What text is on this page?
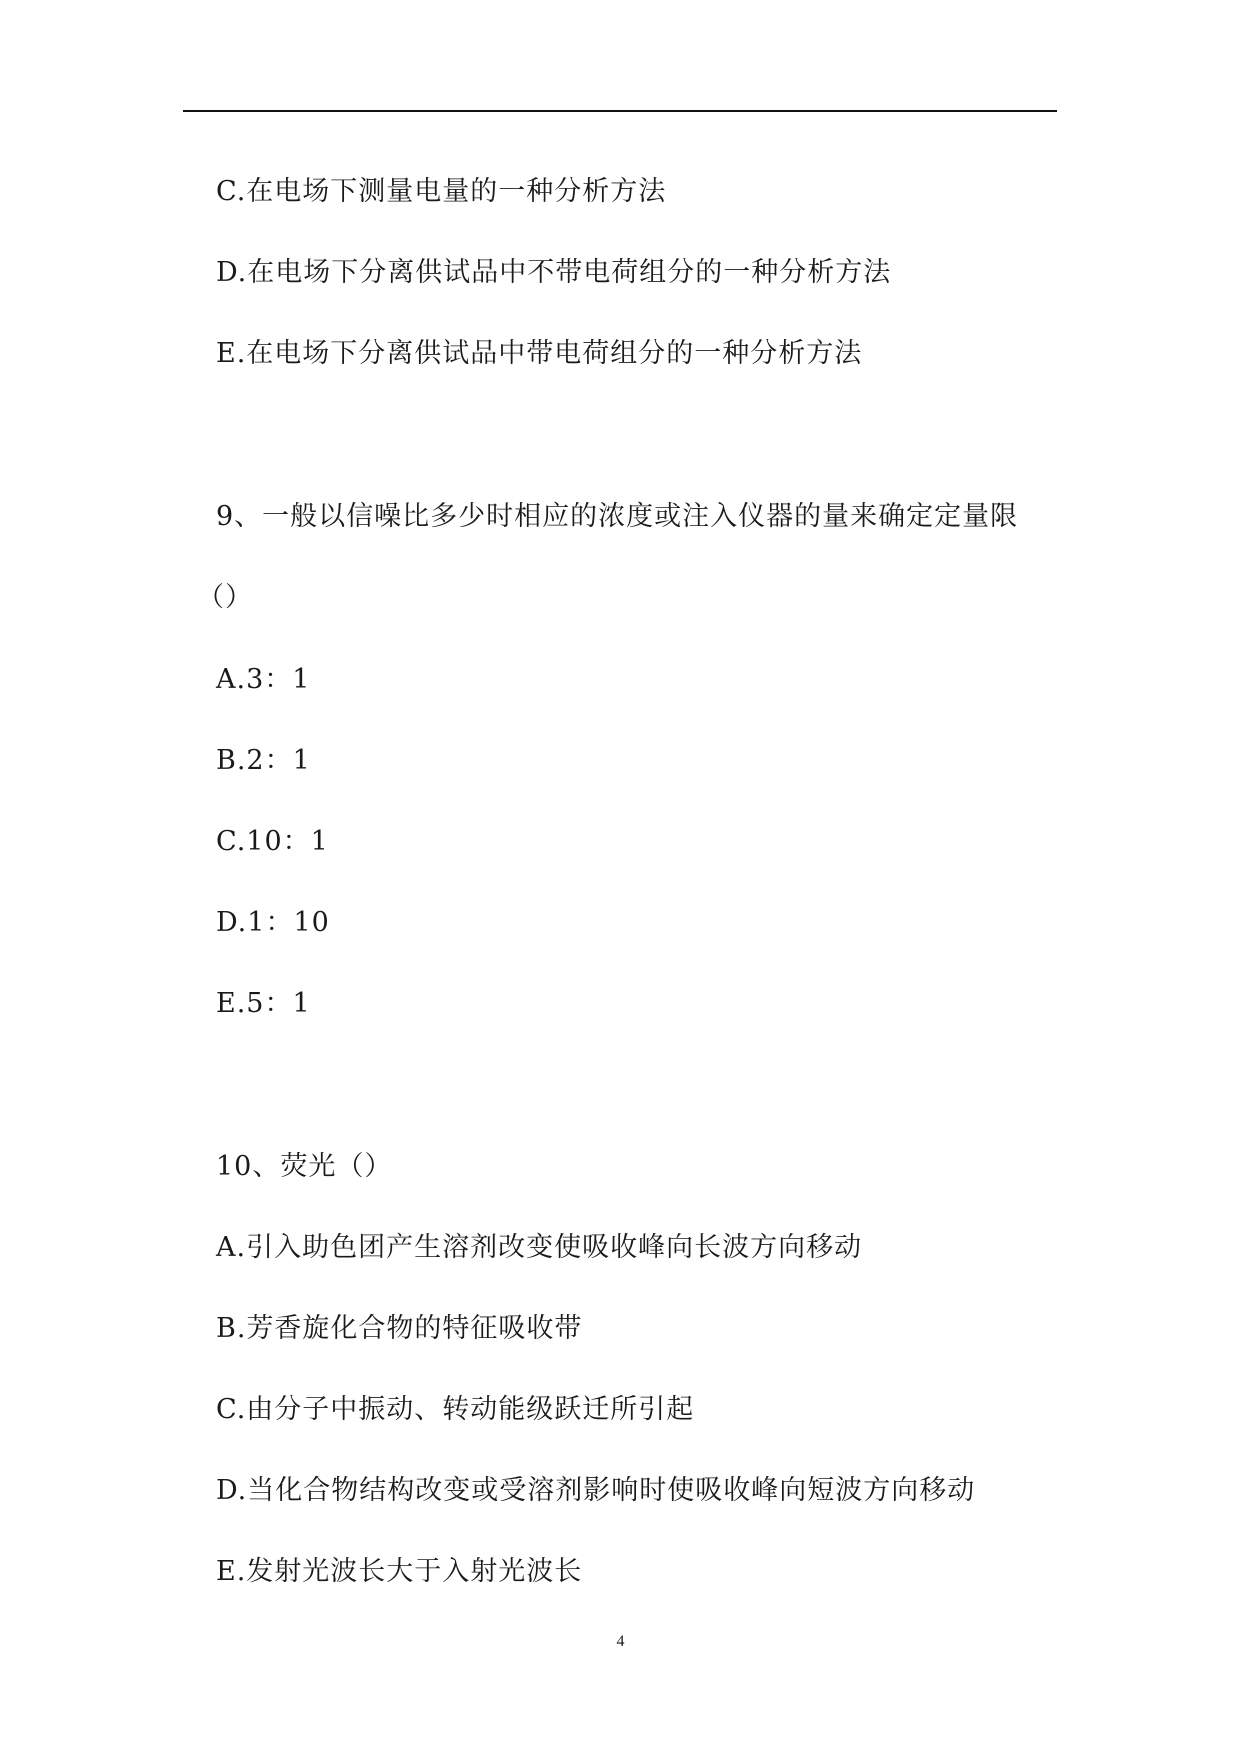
C.在电场下测量电量的一种分析方法
D.在电场下分离供试品中不带电荷组分的一种分析方法
E.在电场下分离供试品中带电荷组分的一种分析方法
9、一般以信噪比多少时相应的浓度或注入仪器的量来确定定量限
（）
A.3：1
B.2：1
C.10：1
D.1：10
E.5：1
10、荧光（）
A.引入助色团产生溶剂改变使吸收峰向长波方向移动
B.芳香旋化合物的特征吸收带
C.由分子中振动、转动能级跃迁所引起
D.当化合物结构改变或受溶剂影响时使吸收峰向短波方向移动
E.发射光波长大于入射光波长
4
